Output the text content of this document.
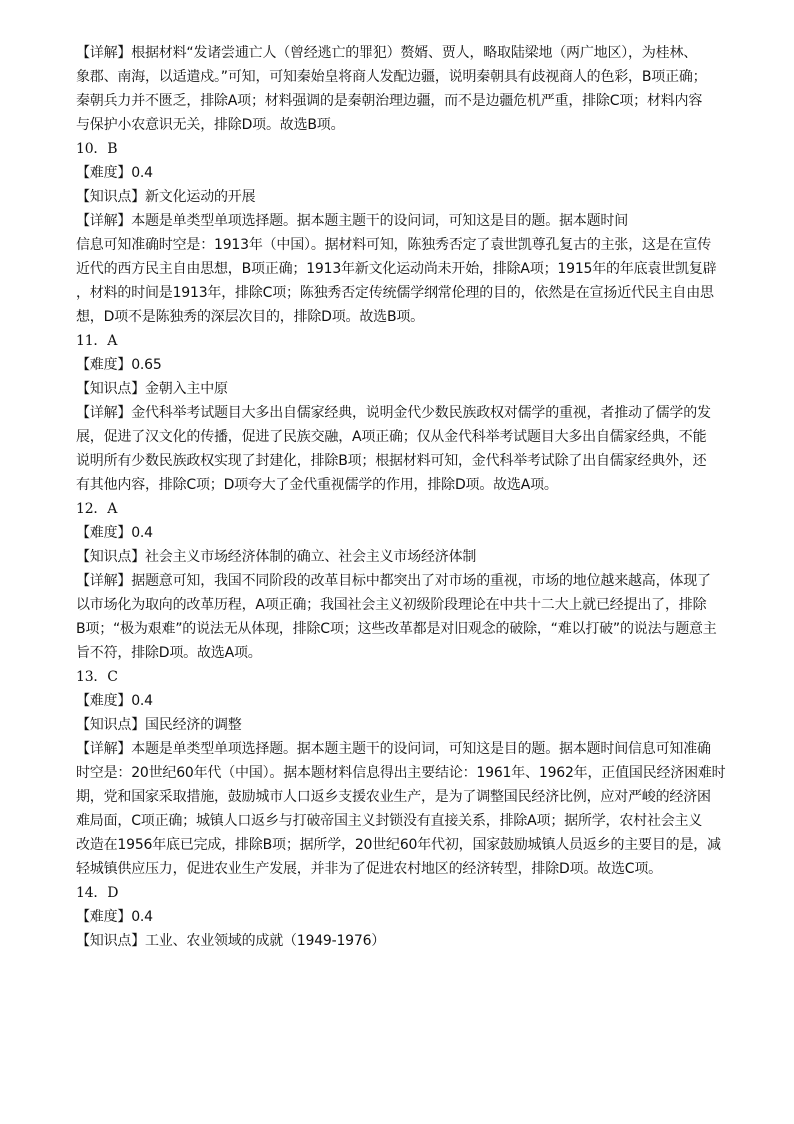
【详解】根据材料“发诸尝逋亡人（曾经逃亡的罪犯）赘婿、贾人，略取陆梁地（两广地区），为桂林、
象郡、南海，以适遣戍。”可知，可知秦始皇将商人发配边疆，说明秦朝具有歧视商人的色彩，B项正确；
秦朝兵力并不匮乏，排除A项；材料强调的是秦朝治理边疆，而不是边疆危机严重，排除C项；材料内容
与保护小农意识无关，排除D项。故选B项。
10．B
【难度】0.4
【知识点】新文化运动的开展
【详解】本题是单类型单项选择题。据本题主题干的设问词，可知这是目的题。据本题时间
信息可知准确时空是：1913年（中国）。据材料可知，陈独秀否定了袁世凯尊孔复古的主张，这是在宣传
近代的西方民主自由思想，B项正确；1913年新文化运动尚未开始，排除A项；1915年的年底袁世凯复辟
，材料的时间是1913年，排除C项；陈独秀否定传统儒学纲常伦理的目的，依然是在宣扬近代民主自由思
想，D项不是陈独秀的深层次目的，排除D项。故选B项。
11．A
【难度】0.65
【知识点】金朝入主中原
【详解】金代科举考试题目大多出自儒家经典，说明金代少数民族政权对儒学的重视，者推动了儒学的发
展，促进了汉文化的传播，促进了民族交融，A项正确；仅从金代科举考试题目大多出自儒家经典，不能
说明所有少数民族政权实现了封建化，排除B项；根据材料可知，金代科举考试除了出自儒家经典外，还
有其他内容，排除C项；D项夸大了金代重视儒学的作用，排除D项。故选A项。
12．A
【难度】0.4
【知识点】社会主义市场经济体制的确立、社会主义市场经济体制
【详解】据题意可知，我国不同阶段的改革目标中都突出了对市场的重视，市场的地位越来越高，体现了
以市场化为取向的改革历程，A项正确；我国社会主义初级阶段理论在中共十二大上就已经提出了，排除
B项；“极为艰难”的说法无从体现，排除C项；这些改革都是对旧观念的破除，“难以打破”的说法与题意主
旨不符，排除D项。故选A项。
13．C
【难度】0.4
【知识点】国民经济的调整
【详解】本题是单类型单项选择题。据本题主题干的设问词，可知这是目的题。据本题时间信息可知准确
时空是：20世纪60年代（中国）。据本题材料信息得出主要结论：1961年、1962年，正值国民经济困难时
期，党和国家采取措施，鼓励城市人口返乡支援农业生产，是为了调整国民经济比例，应对严峻的经济困
难局面，C项正确；城镇人口返乡与打破帝国主义封锁没有直接关系，排除A项；据所学，农村社会主义
改造在1956年底已完成，排除B项；据所学，20世纪60年代初，国家鼓励城镇人员返乡的主要目的是，减
轻城镇供应压力，促进农业生产发展，并非为了促进农村地区的经济转型，排除D项。故选C项。
14．D
【难度】0.4
【知识点】工业、农业领域的成就（1949-1976）
